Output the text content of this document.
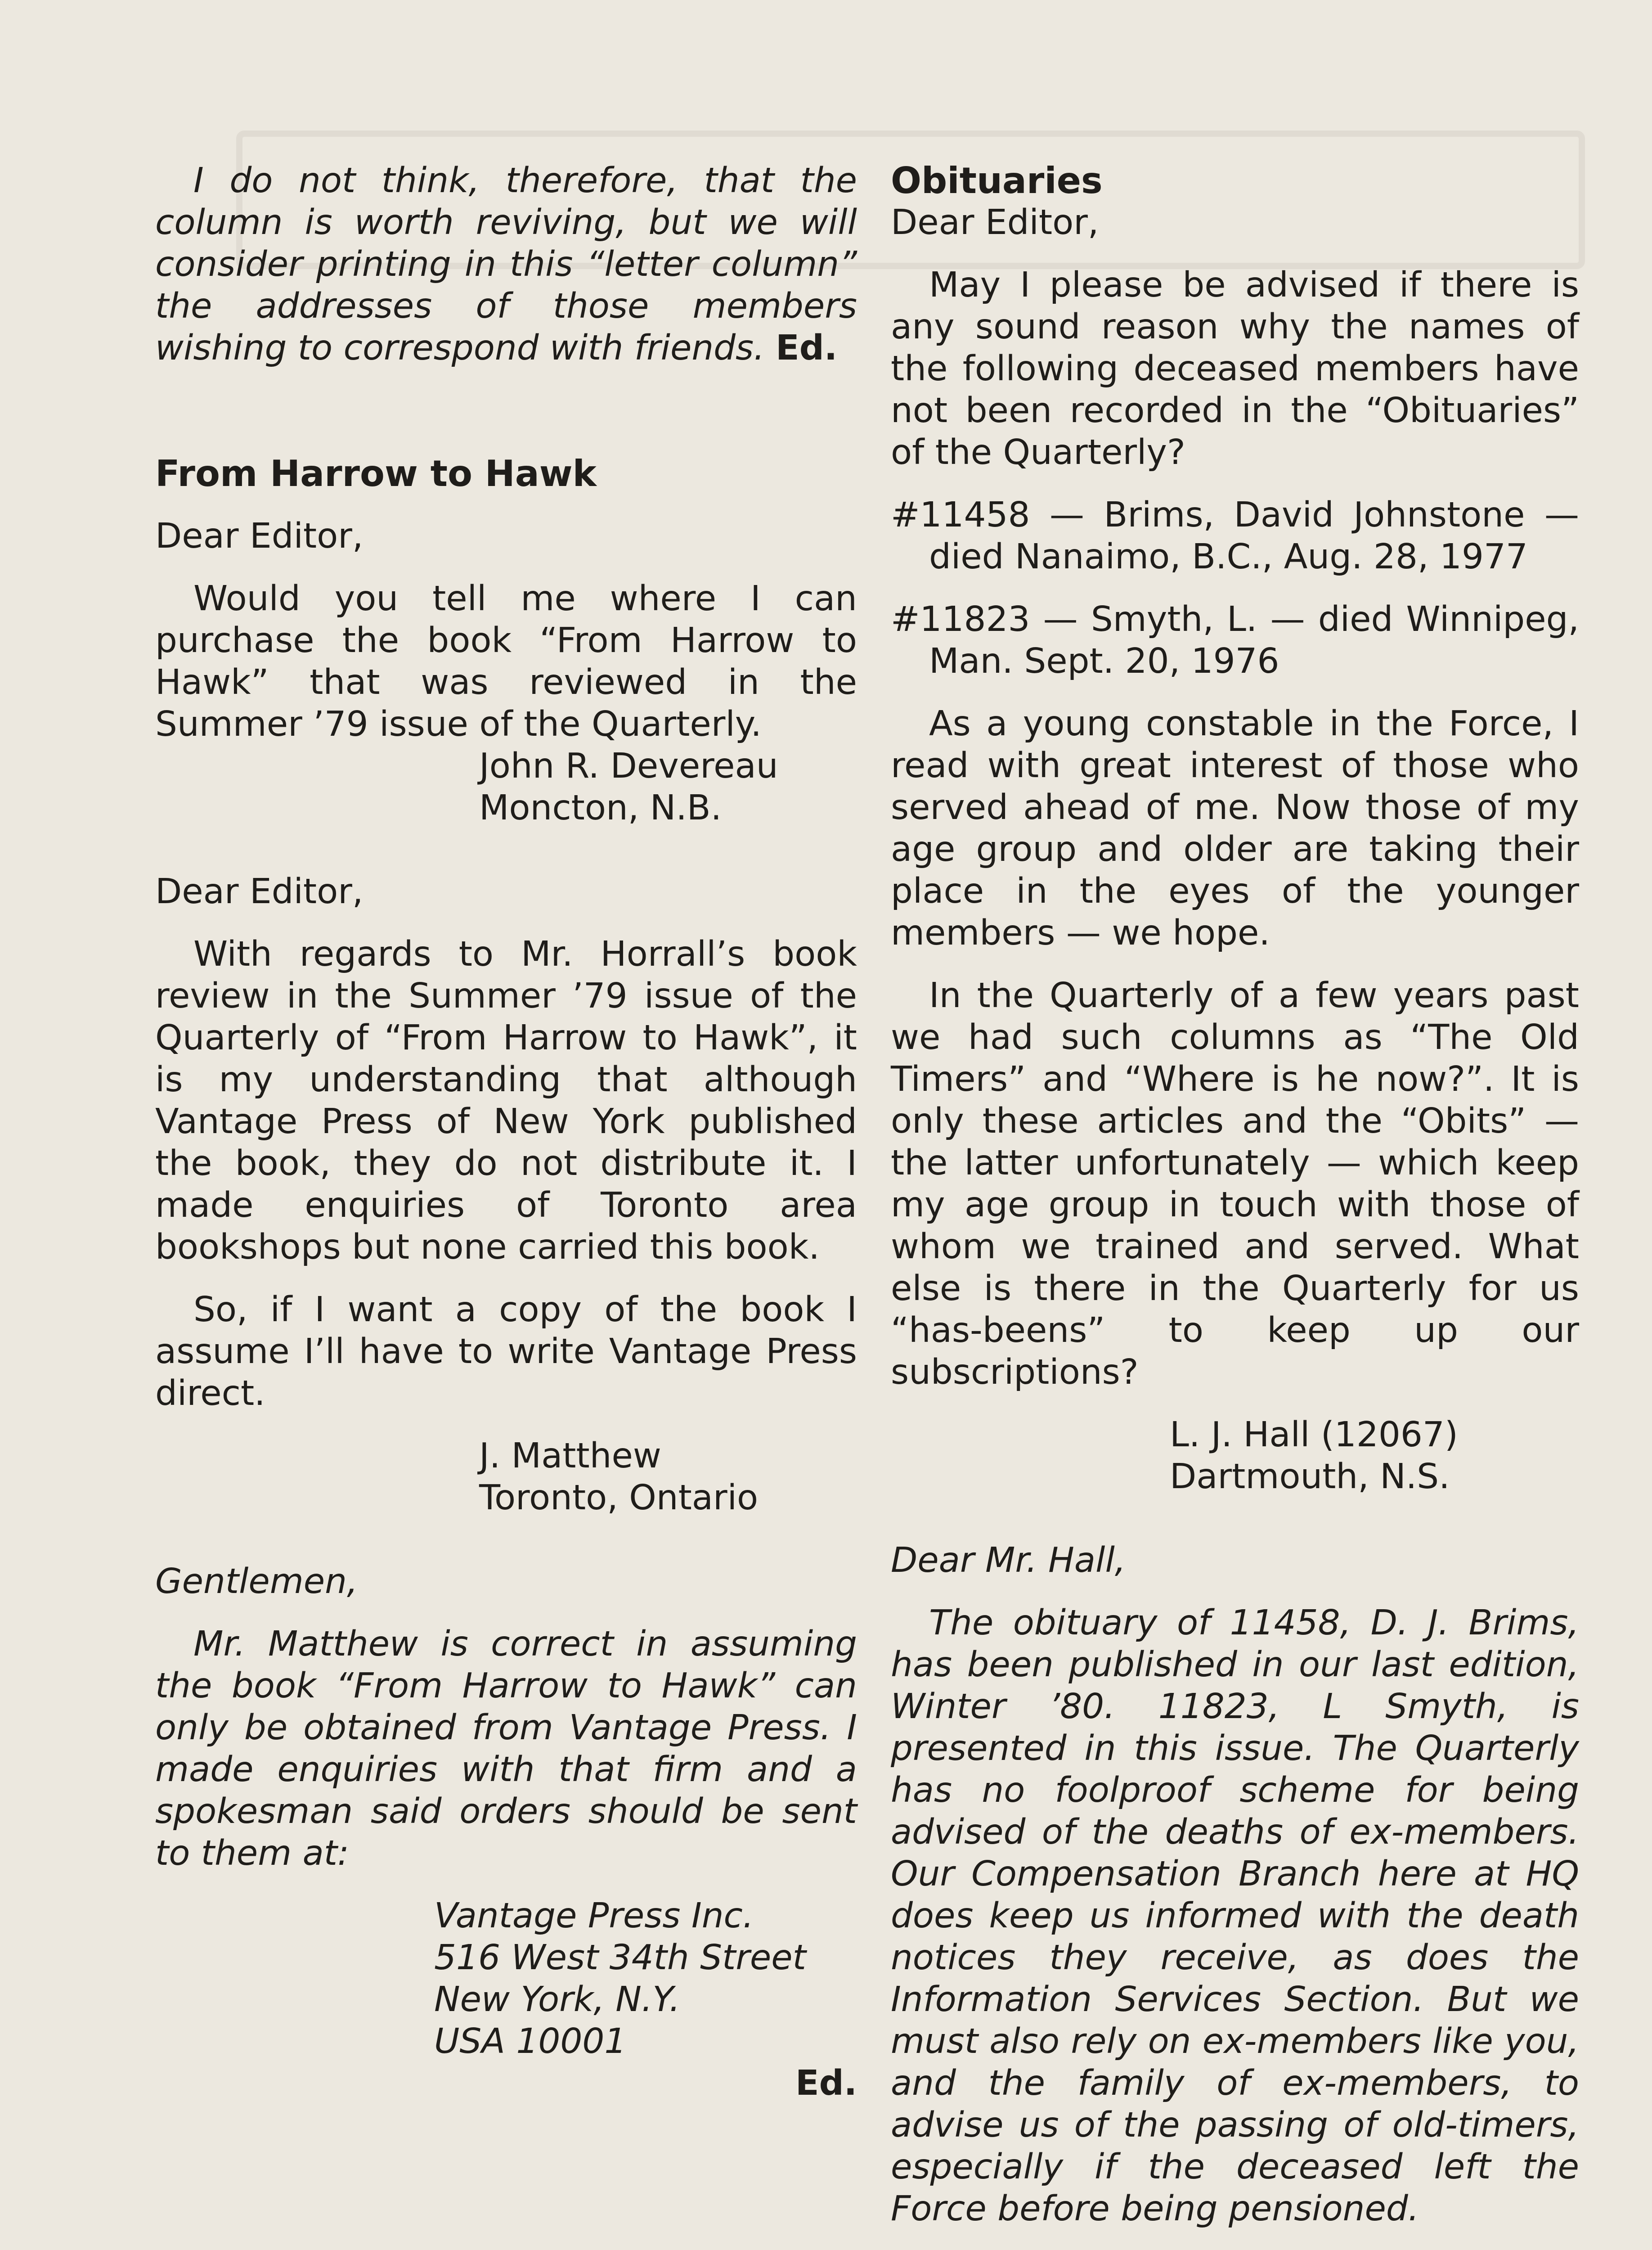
I do not think, therefore, that the column is worth reviving, but we will consider printing in this “letter column” the addresses of those members wishing to correspond with friends. Ed.

From Harrow to Hawk

Dear Editor,

Would you tell me where I can purchase the book “From Harrow to Hawk” that was reviewed in the Summer ’79 issue of the Quarterly.

John R. Devereau

Moncton, N.B.

Dear Editor,

With regards to Mr. Horrall’s book review in the Summer ’79 issue of the Quarterly of “From Harrow to Hawk”, it is my understanding that although Vantage Press of New York published the book, they do not distribute it. I made enquiries of Toronto area bookshops but none carried this book.

So, if I want a copy of the book I assume I’ll have to write Vantage Press direct.

J. Matthew

Toronto, Ontario

Gentlemen,

Mr. Matthew is correct in assuming the book “From Harrow to Hawk” can only be obtained from Vantage Press. I made enquiries with that firm and a spokesman said orders should be sent to them at:

Vantage Press Inc.

516 West 34th Street

New York, N.Y.

USA 10001

Ed.

Obituaries

Dear Editor,

May I please be advised if there is any sound reason why the names of the following deceased members have not been recorded in the “Obituaries” of the Quarterly?

#11458 — Brims, David Johnstone — died Nanaimo, B.C., Aug. 28, 1977

#11823 — Smyth, L. — died Winnipeg, Man. Sept. 20, 1976

As a young constable in the Force, I read with great interest of those who served ahead of me. Now those of my age group and older are taking their place in the eyes of the younger members — we hope.

In the Quarterly of a few years past we had such columns as “The Old Timers” and “Where is he now?”. It is only these articles and the “Obits” — the latter unfortunately — which keep my age group in touch with those of whom we trained and served. What else is there in the Quarterly for us “has-beens” to keep up our subscriptions?

L. J. Hall (12067)

Dartmouth, N.S.

Dear Mr. Hall,

The obituary of 11458, D. J. Brims, has been published in our last edition, Winter ’80. 11823, L Smyth, is presented in this issue. The Quarterly has no foolproof scheme for being advised of the deaths of ex-members. Our Compensation Branch here at HQ does keep us informed with the death notices they receive, as does the Information Services Section. But we must also rely on ex-members like you, and the family of ex-members, to advise us of the passing of old-timers, especially if the deceased left the Force before being pensioned.
